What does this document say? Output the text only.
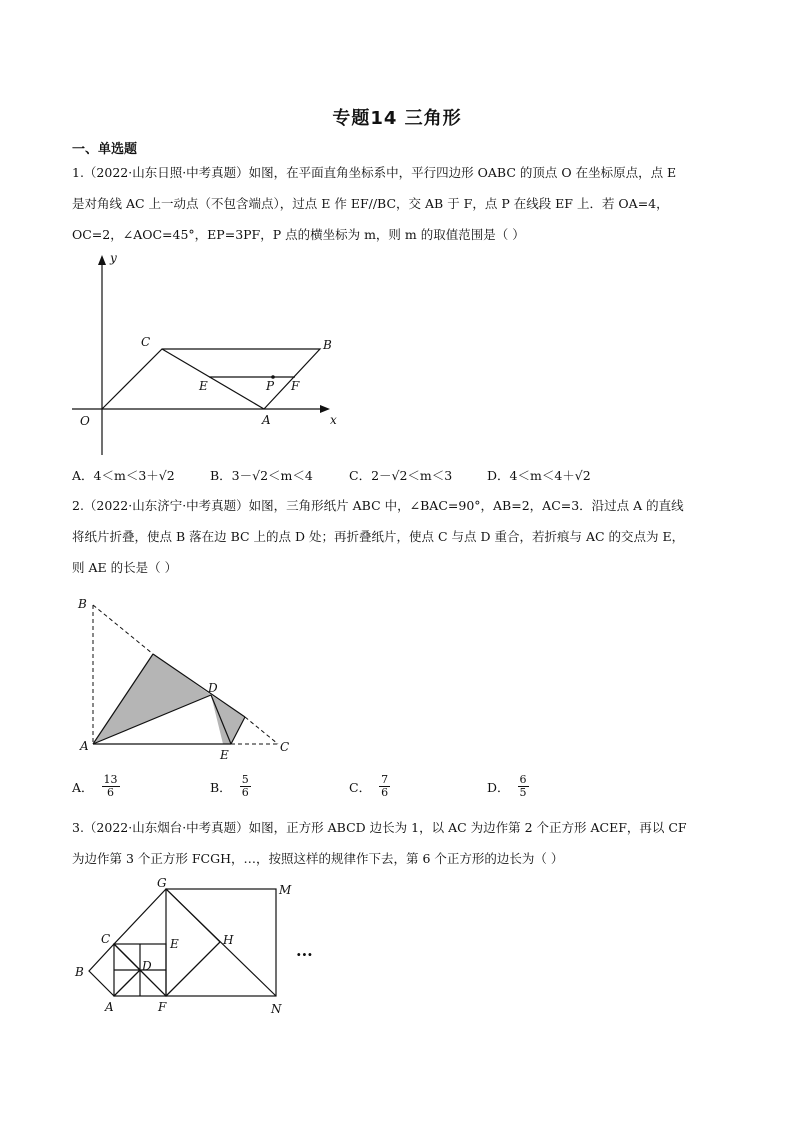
专题14 三角形
一、单选题
1.（2022·山东日照·中考真题）如图，在平面直角坐标系中，平行四边形 OABC 的顶点 O 在坐标原点，点 E
是对角线 AC 上一动点（不包含端点），过点 E 作 EF//BC，交 AB 于 F，点 P 在线段 EF 上．若 OA=4，
OC=2，∠AOC=45°，EP=3PF，P 点的横坐标为 m，则 m 的取值范围是（ ）
O	A
B
C
E	F
P
x
y
A．4＜m＜3＋√2	B．3－√2＜m＜4	C．2－√2＜m＜3	D．4＜m＜4＋√2
2.（2022·山东济宁·中考真题）如图，三角形纸片 ABC 中，∠BAC=90°，AB=2，AC=3．沿过点 A 的直线
将纸片折叠，使点 B 落在边 BC 上的点 D 处；再折叠纸片，使点 C 与点 D 重合，若折痕与 AC 的交点为 E，
则 AE 的长是（ ）
B
A	C
D
E
A． $\frac{13}{6}$	B． $\frac{5}{6}$	C． $\frac{7}{6}$	D． $\frac{6}{5}$
3.（2022·山东烟台·中考真题）如图，正方形 ABCD 边长为 1，以 AC 为边作第 2 个正方形 ACEF，再以 CF
为边作第 3 个正方形 FCGH，…，按照这样的规律作下去，第 6 个正方形的边长为（ ）
G	M
C	E	H
D
B
A	F	N
···
